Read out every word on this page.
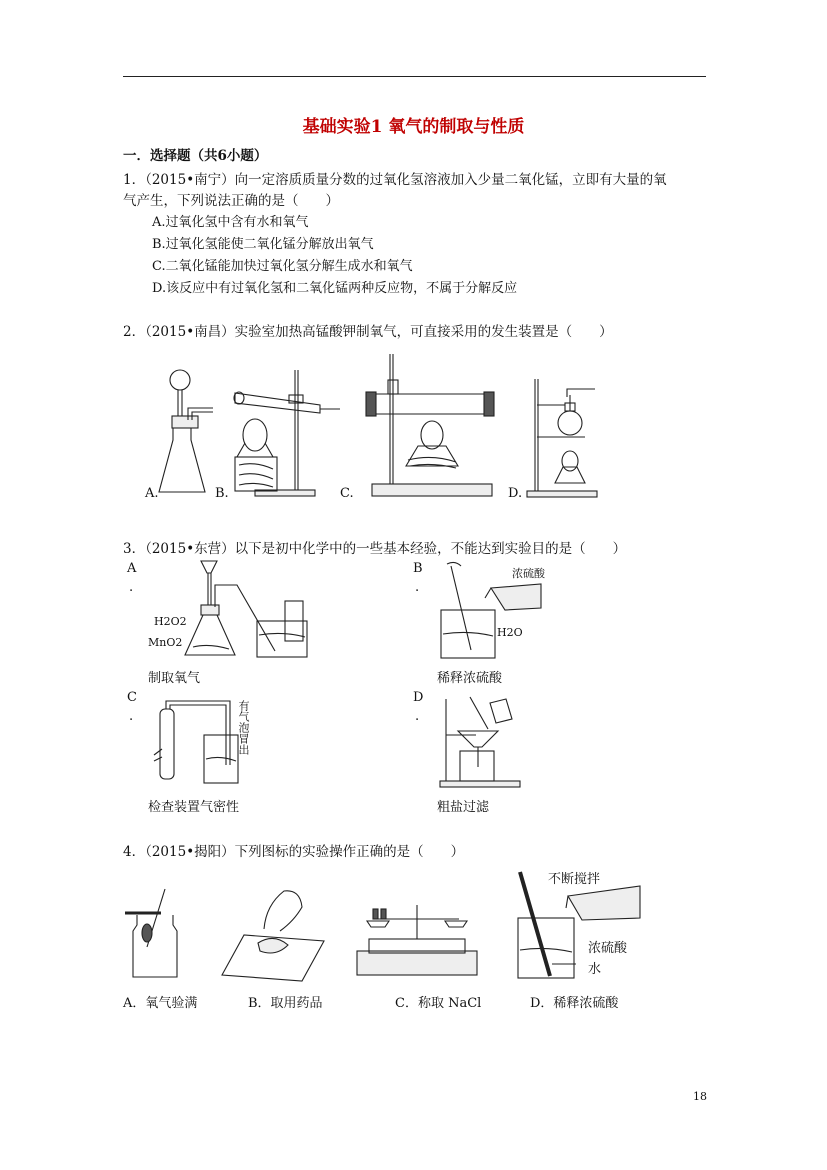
基础实验1 氧气的制取与性质
一．选择题（共6小题）
1．（2015•南宁）向一定溶质质量分数的过氧化氢溶液加入少量二氧化锰，立即有大量的氧
气产生，下列说法正确的是（　　）
A.过氧化氢中含有水和氧气
B.过氧化氢能使二氧化锰分解放出氧气
C.二氧化锰能加快过氧化氢分解生成水和氧气
D.该反应中有过氧化氢和二氧化锰两种反应物，不属于分解反应
2．（2015•南昌）实验室加热高锰酸钾制氧气，可直接采用的发生装置是（　　）
A.	B.	C.	D.
3．（2015•东营）以下是初中化学中的一些基本经验，不能达到实验目的是（　　）
A
.
H2O2
MnO2
制取氧气
B
.
浓硫酸
H2O
稀释浓硫酸
C
.	有气泡冒出
检查装置气密性
D
.
粗盐过滤
4．（2015•揭阳）下列图标的实验操作正确的是（　　）
A．氧气验满	B．取用药品	C．称取 NaCl
不断搅拌
浓硫酸
水
D．稀释浓硫酸
18
